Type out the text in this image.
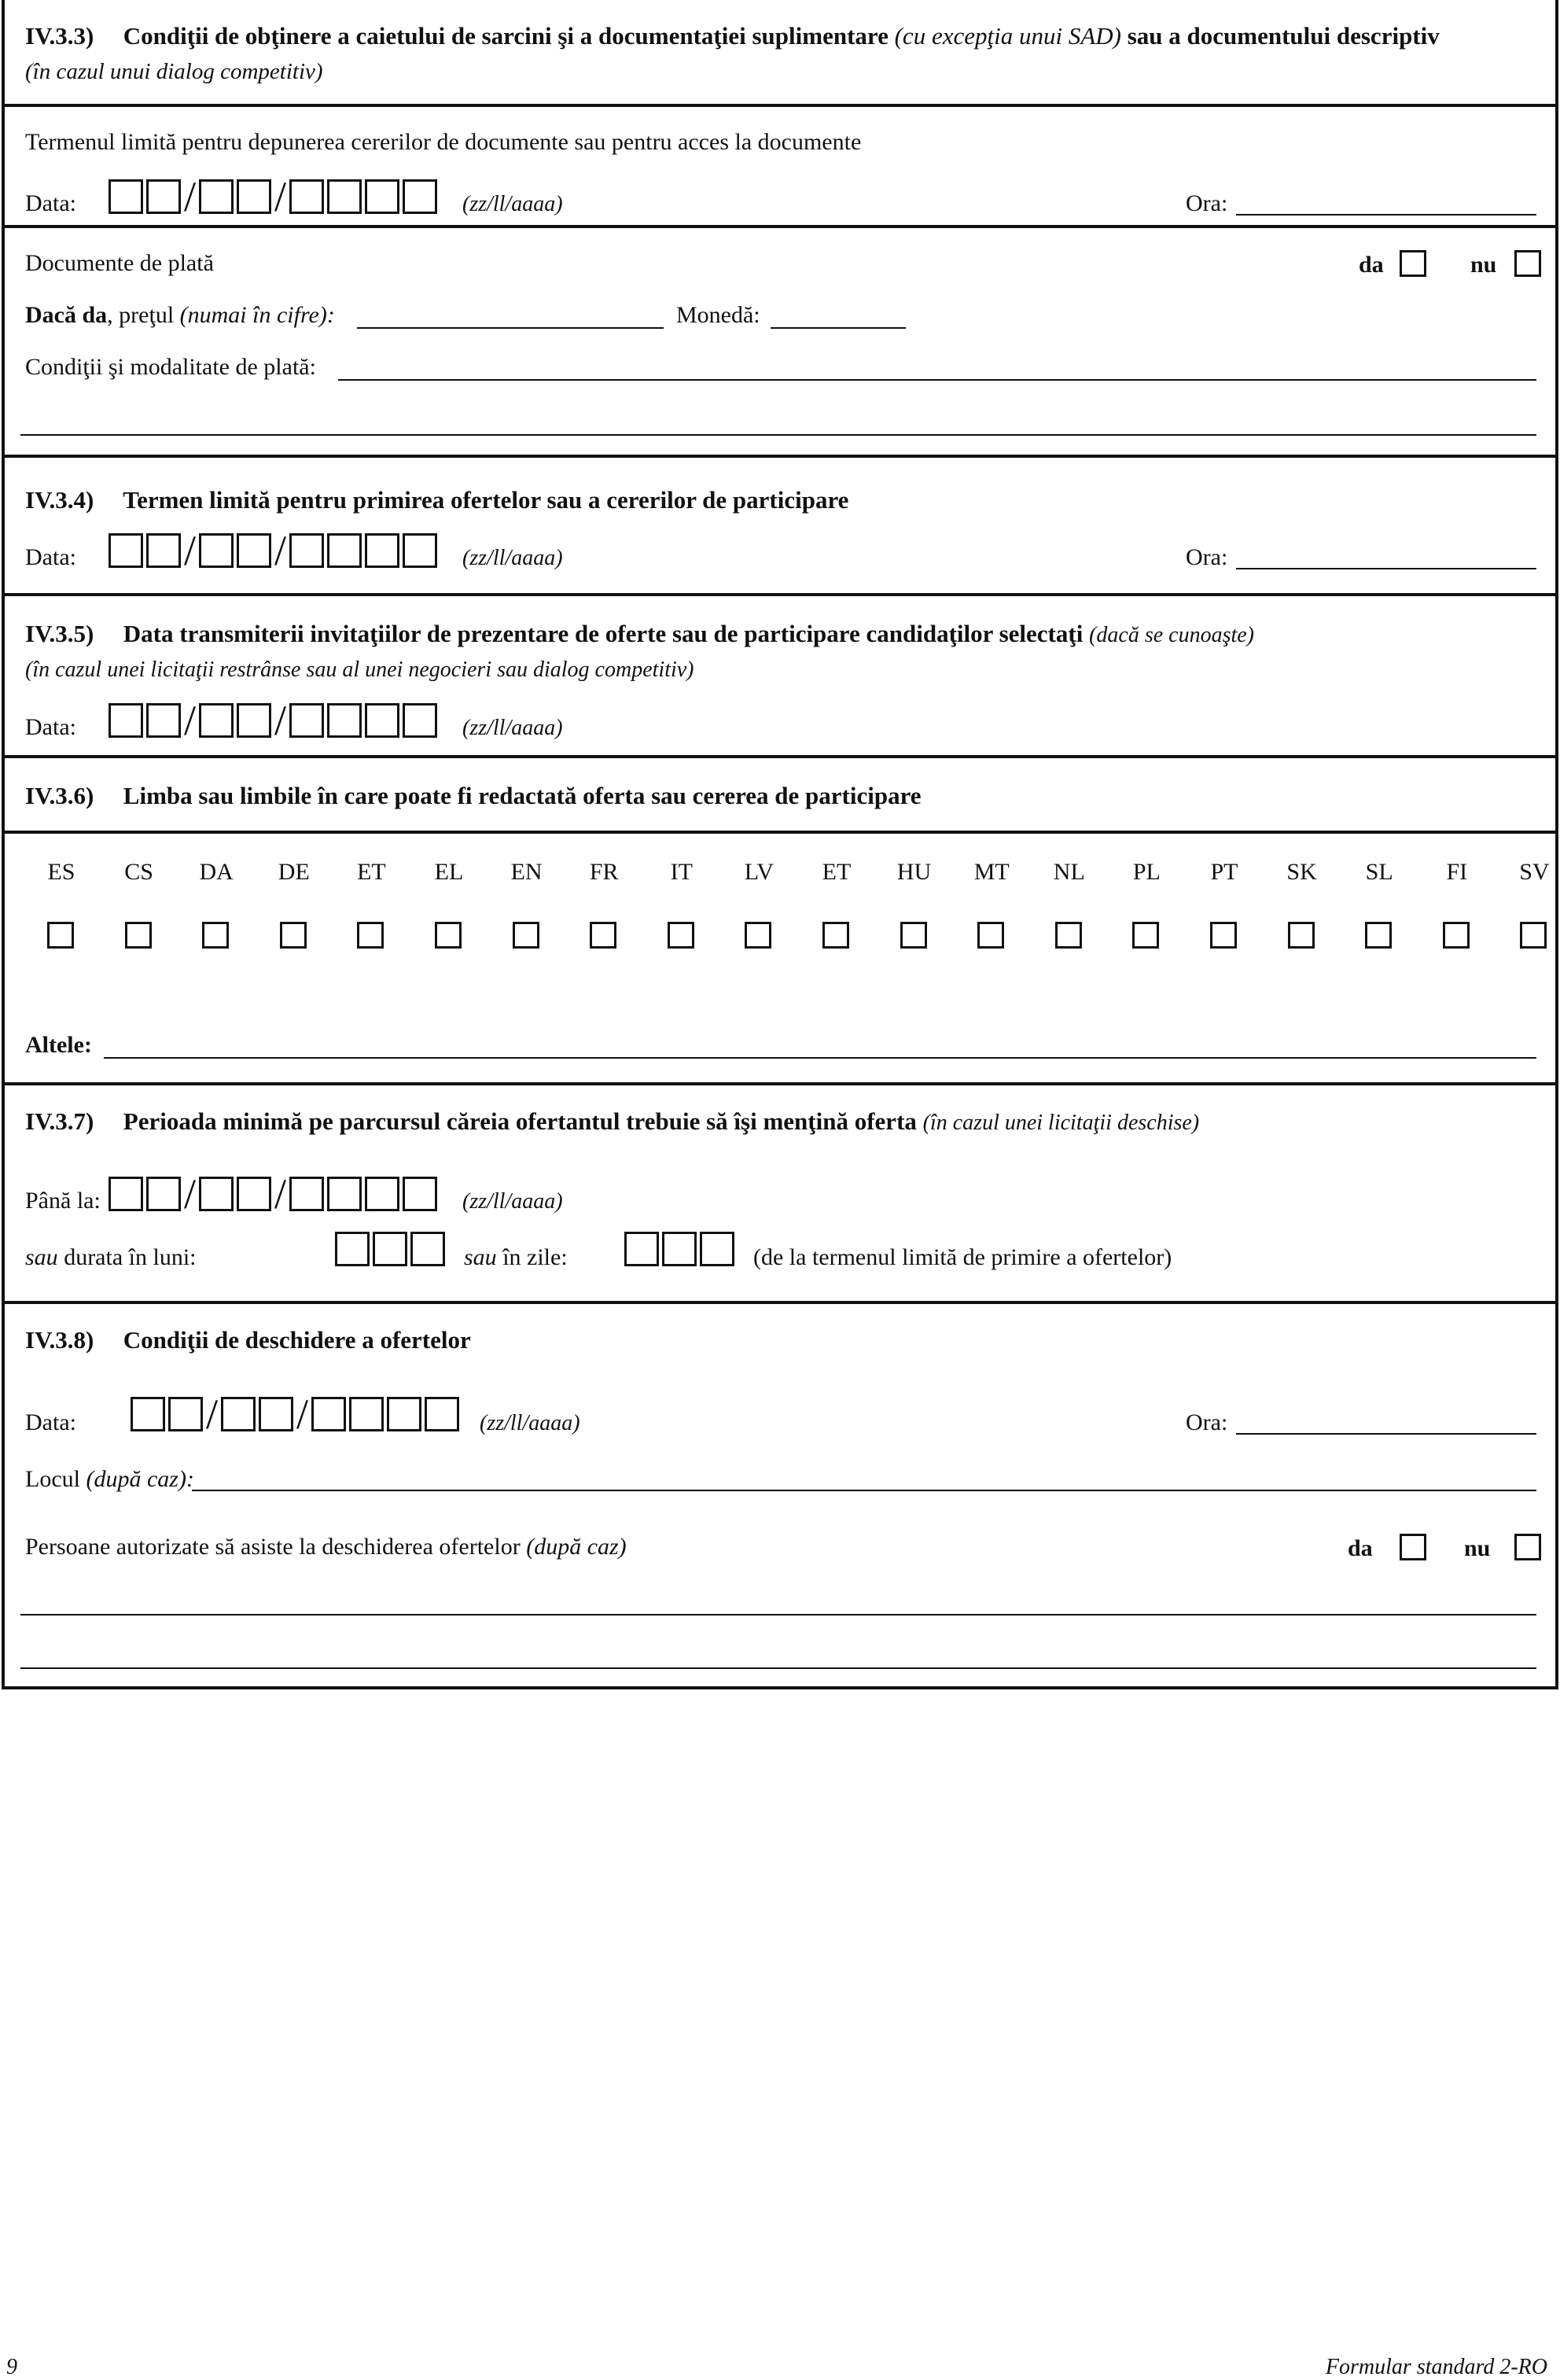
IV.3.3) Condiţii de obţinere a caietului de sarcini şi a documentaţiei suplimentare (cu excepţia unui SAD) sau a documentului descriptiv
(în cazul unui dialog competitiv)
Termenul limită pentru depunerea cererilor de documente sau pentru acces la documente
Data:	/ /	(zz/ll/aaaa)	Ora:
Documente de plată	da	nu
Dacă da, preţul (numai în cifre):	Monedă:
Condiţii şi modalitate de plată:
IV.3.4) Termen limită pentru primirea ofertelor sau a cererilor de participare
Data:	/ /	(zz/ll/aaaa)	Ora:
IV.3.5) Data transmiterii invitaţiilor de prezentare de oferte sau de participare candidaţilor selectaţi (dacă se cunoaşte)
(în cazul unei licitaţii restrânse sau al unei negocieri sau dialog competitiv)
Data:	/ /	(zz/ll/aaaa)
IV.3.6) Limba sau limbile în care poate fi redactată oferta sau cererea de participare
ES	CS	DA	DE	ET	EL	EN	FR	IT	LV	ET	HU MT	NL	PL	PT	SK	SL	FI	SV
Altele:
IV.3.7) Perioada minimă pe parcursul căreia ofertantul trebuie să îşi menţină oferta (în cazul unei licitaţii deschise)
Până la:	/ /	(zz/ll/aaaa)
sau durata în luni:	sau în zile:	(de la termenul limită de primire a ofertelor)
IV.3.8) Condiţii de deschidere a ofertelor
Data:	/ /	(zz/ll/aaaa)	Ora:
Locul (după caz):
Persoane autorizate să asiste la deschiderea ofertelor (după caz)	da	nu
9	Formular standard 2-RO
